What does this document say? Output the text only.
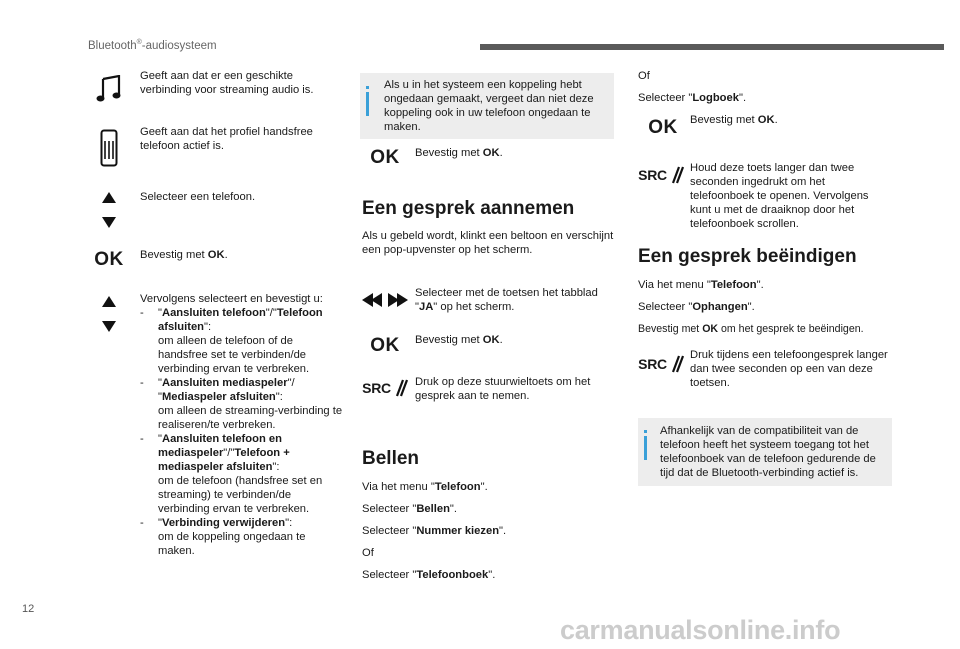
Bluetooth®-audiosysteem
Geeft aan dat er een geschikte verbinding voor streaming audio is.
Geeft aan dat het profiel handsfree telefoon actief is.
Selecteer een telefoon.
OK Bevestig met OK.
Vervolgens selecteert en bevestigt u:
- "Aansluiten telefoon"/"Telefoon afsluiten":
om alleen de telefoon of de handsfree set te verbinden/de verbinding ervan te verbreken.
- "Aansluiten mediaspeler"/ "Mediaspeler afsluiten":
om alleen de streaming-verbinding te realiseren/te verbreken.
- "Aansluiten telefoon en mediaspeler"/"Telefoon + mediaspeler afsluiten":
om de telefoon (handsfree set en streaming) te verbinden/de verbinding ervan te verbreken.
- "Verbinding verwijderen":
om de koppeling ongedaan te maken.
Als u in het systeem een koppeling hebt ongedaan gemaakt, vergeet dan niet deze koppeling ook in uw telefoon ongedaan te maken.
OK Bevestig met OK.
Een gesprek aannemen
Als u gebeld wordt, klinkt een beltoon en verschijnt een pop-upvenster op het scherm.
Selecteer met de toetsen het tabblad "JA" op het scherm.
OK Bevestig met OK.
SRC Druk op deze stuurwieltoets om het gesprek aan te nemen.
Bellen
Via het menu "Telefoon".
Selecteer "Bellen".
Selecteer "Nummer kiezen".
Of
Selecteer "Telefoonboek".
Of
Selecteer "Logboek".
OK Bevestig met OK.
SRC Houd deze toets langer dan twee seconden ingedrukt om het telefoonboek te openen. Vervolgens kunt u met de draaiknop door het telefoonboek scrollen.
Een gesprek beëindigen
Via het menu "Telefoon".
Selecteer "Ophangen".
Bevestig met OK om het gesprek te beëindigen.
SRC
Druk tijdens een telefoongesprek langer dan twee seconden op een van deze toetsen.
Afhankelijk van de compatibiliteit van de telefoon heeft het systeem toegang tot het telefoonboek van de telefoon gedurende de tijd dat de Bluetooth-verbinding actief is.
12
carmanualsonline.info
